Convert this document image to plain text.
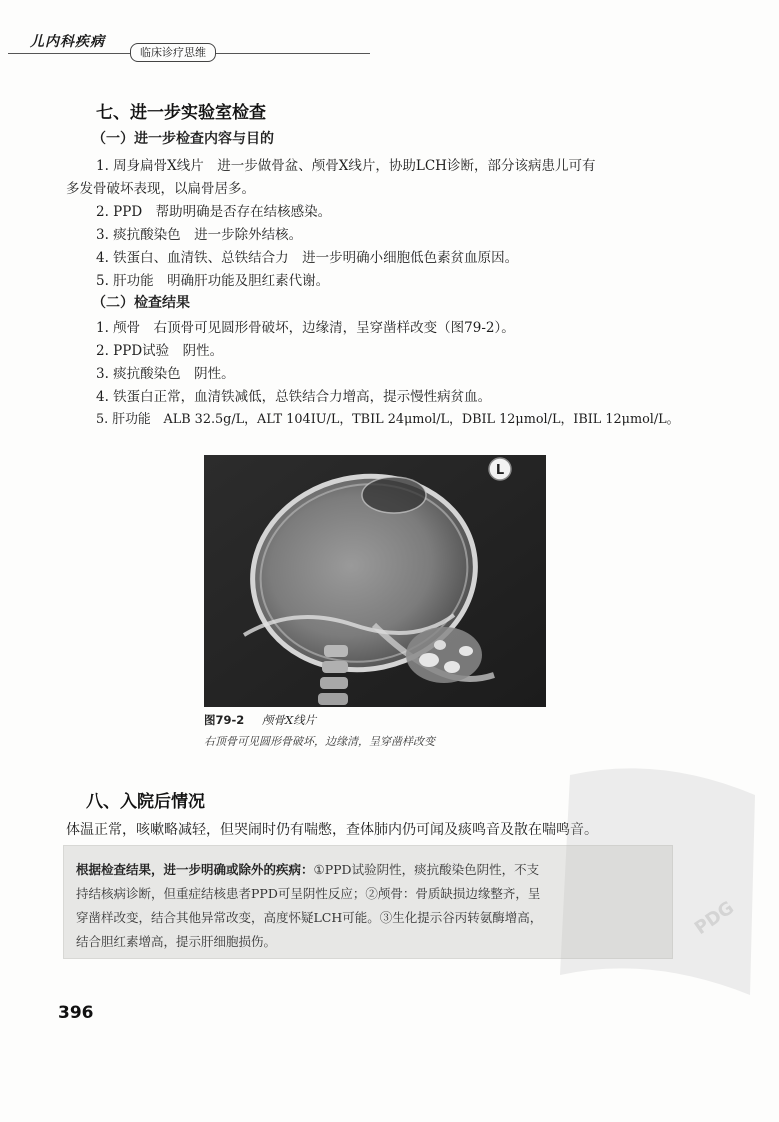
儿内科疾病
临床诊疗思维
七、进一步实验室检查
（一）进一步检查内容与目的

1. 周身扁骨X线片　进一步做骨盆、颅骨X线片，协助LCH诊断，部分该病患儿可有

多发骨破坏表现，以扁骨居多。

2. PPD　帮助明确是否存在结核感染。

3. 痰抗酸染色　进一步除外结核。

4. 铁蛋白、血清铁、总铁结合力　进一步明确小细胞低色素贫血原因。

5. 肝功能　明确肝功能及胆红素代谢。

（二）检查结果

1. 颅骨　右顶骨可见圆形骨破坏，边缘清，呈穿凿样改变（图79-2）。

2. PPD试验　阴性。

3. 痰抗酸染色　阴性。

4. 铁蛋白正常，血清铁减低，总铁结合力增高，提示慢性病贫血。

5. 肝功能　ALB 32.5g/L，ALT 104IU/L，TBIL 24μmol/L，DBIL 12μmol/L，IBIL 12μmol/L。

L
图79-2 颅骨X线片
右顶骨可见圆形骨破坏，边缘清，呈穿凿样改变
八、入院后情况

体温正常，咳嗽略减轻，但哭闹时仍有喘憋，查体肺内仍可闻及痰鸣音及散在喘鸣音。

根据检查结果，进一步明确或除外的疾病：①PPD试验阴性，痰抗酸染色阴性，不支

持结核病诊断，但重症结核患者PPD可呈阴性反应；②颅骨：骨质缺损边缘整齐，呈

穿凿样改变，结合其他异常改变，高度怀疑LCH可能。③生化提示谷丙转氨酶增高，

结合胆红素增高，提示肝细胞损伤。

PDG
396
